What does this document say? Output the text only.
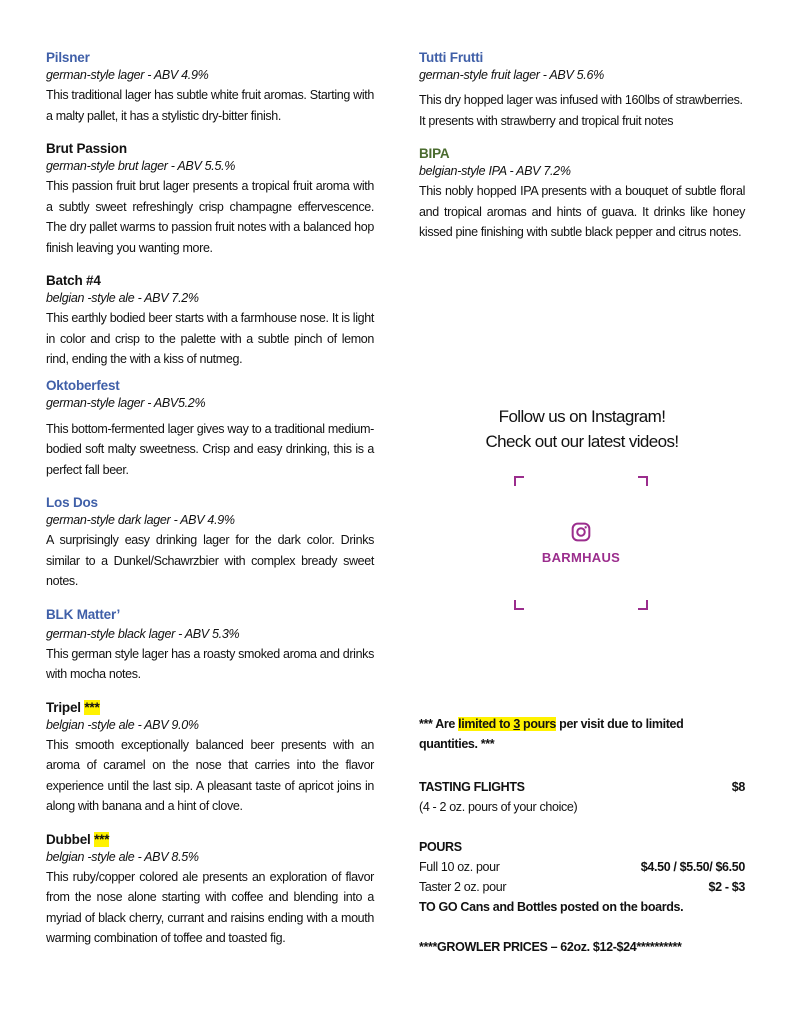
Pilsner
german-style lager - ABV 4.9%
This traditional lager has subtle white fruit aromas. Starting with a malty pallet, it has a stylistic dry-bitter finish.
Brut Passion
german-style brut lager - ABV 5.5.%
This passion fruit brut lager presents a tropical fruit aroma with a subtly sweet refreshingly crisp champagne effervescence. The dry pallet warms to passion fruit notes with a balanced hop finish leaving you wanting more.
Batch #4
belgian -style ale - ABV 7.2%
This earthly bodied beer starts with a farmhouse nose. It is light in color and crisp to the palette with a subtle pinch of lemon rind, ending the with a kiss of nutmeg.
Oktoberfest
german-style lager - ABV5.2%
This bottom-fermented lager gives way to a traditional medium-bodied soft malty sweetness. Crisp and easy drinking, this is a perfect fall beer.
Los Dos
german-style dark lager - ABV 4.9%
A surprisingly easy drinking lager for the dark color. Drinks similar to a Dunkel/Schawrzbier with complex bready sweet notes.
BLK Matter’
german-style black lager - ABV 5.3%
This german style lager has a roasty smoked aroma and drinks with mocha notes.
Tripel ***
belgian -style ale - ABV 9.0%
This smooth exceptionally balanced beer presents with an aroma of caramel on the nose that carries into the flavor experience until the last sip. A pleasant taste of apricot joins in along with banana and a hint of clove.
Dubbel ***
belgian -style ale - ABV 8.5%
This ruby/copper colored ale presents an exploration of flavor from the nose alone starting with coffee and blending into a myriad of black cherry, currant and raisins ending with a mouth warming combination of toffee and toasted fig.
Tutti Frutti
german-style fruit lager - ABV 5.6%
This dry hopped lager was infused with 160lbs of strawberries. It presents with strawberry and tropical fruit notes
BIPA
belgian-style IPA - ABV 7.2%
This nobly hopped IPA presents with a bouquet of subtle floral and tropical aromas and hints of guava. It drinks like honey kissed pine finishing with subtle black pepper and citrus notes.
Follow us on Instagram!
Check out our latest videos!
BARMHAUS
*** Are limited to 3 pours per visit due to limited quantities. ***
TASTING FLIGHTS	$8
(4 - 2 oz. pours of your choice)
POURS
Full 10 oz. pour	$4.50 / $5.50/ $6.50
Taster 2 oz. pour	$2 - $3
TO GO Cans and Bottles posted on the boards.
****GROWLER PRICES – 62oz. $12-$24**********
